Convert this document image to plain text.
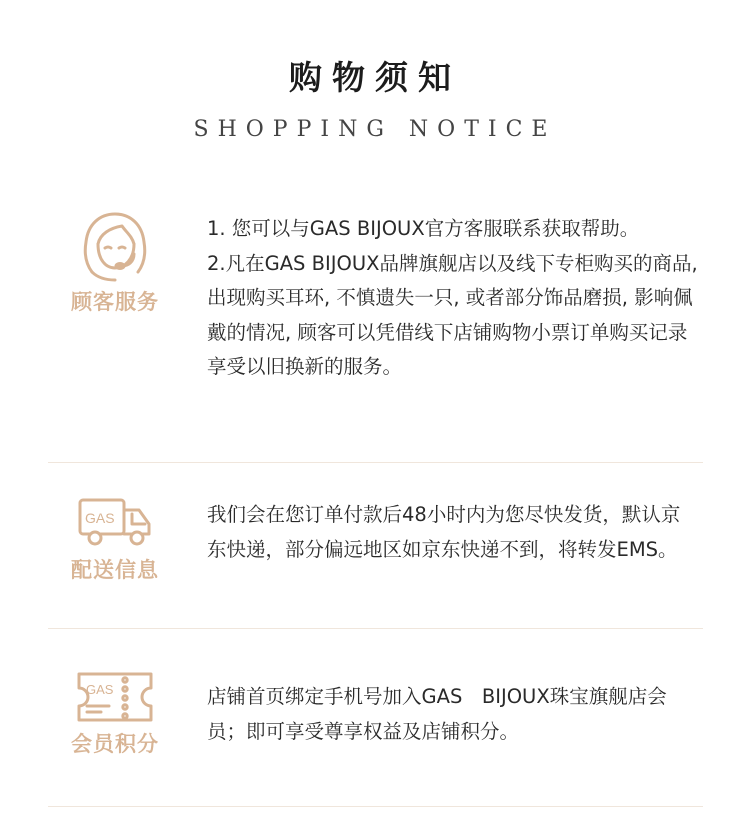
购物须知
SHOPPING NOTICE
顾客服务

1. 您可以与GAS BIJOUX官方客服联系获取帮助。

2.凡在GAS BIJOUX品牌旗舰店以及线下专柜购买的商品, 出现购买耳环, 不慎遗失一只, 或者部分饰品磨损, 影响佩戴的情况, 顾客可以凭借线下店铺购物小票订单购买记录享受以旧换新的服务。

GAS
配送信息

我们会在您订单付款后48小时内为您尽快发货，默认京东快递，部分偏远地区如京东快递不到，将转发EMS。

GAS
会员积分

店铺首页绑定手机号加入GAS　BIJOUX珠宝旗舰店会员；即可享受尊享权益及店铺积分。
